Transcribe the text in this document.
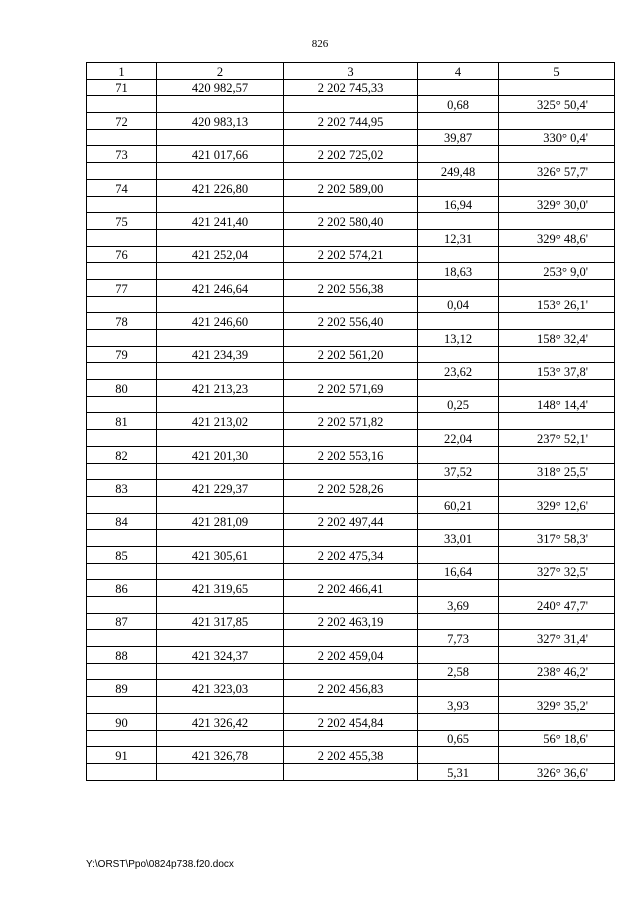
826
1	2	3	4	5
71	420 982,57	2 202 745,33		
			0,68	325° 50,4'
72	420 983,13	2 202 744,95		
			39,87	330° 0,4'
73	421 017,66	2 202 725,02		
			249,48	326° 57,7'
74	421 226,80	2 202 589,00		
			16,94	329° 30,0'
75	421 241,40	2 202 580,40		
			12,31	329° 48,6'
76	421 252,04	2 202 574,21		
			18,63	253° 9,0'
77	421 246,64	2 202 556,38		
			0,04	153° 26,1'
78	421 246,60	2 202 556,40		
			13,12	158° 32,4'
79	421 234,39	2 202 561,20		
			23,62	153° 37,8'
80	421 213,23	2 202 571,69		
			0,25	148° 14,4'
81	421 213,02	2 202 571,82		
			22,04	237° 52,1'
82	421 201,30	2 202 553,16		
			37,52	318° 25,5'
83	421 229,37	2 202 528,26		
			60,21	329° 12,6'
84	421 281,09	2 202 497,44		
			33,01	317° 58,3'
85	421 305,61	2 202 475,34		
			16,64	327° 32,5'
86	421 319,65	2 202 466,41		
			3,69	240° 47,7'
87	421 317,85	2 202 463,19		
			7,73	327° 31,4'
88	421 324,37	2 202 459,04		
			2,58	238° 46,2'
89	421 323,03	2 202 456,83		
			3,93	329° 35,2'
90	421 326,42	2 202 454,84		
			0,65	56° 18,6'
91	421 326,78	2 202 455,38		
			5,31	326° 36,6'
Y:\ORST\Ppo\0824p738.f20.docx
